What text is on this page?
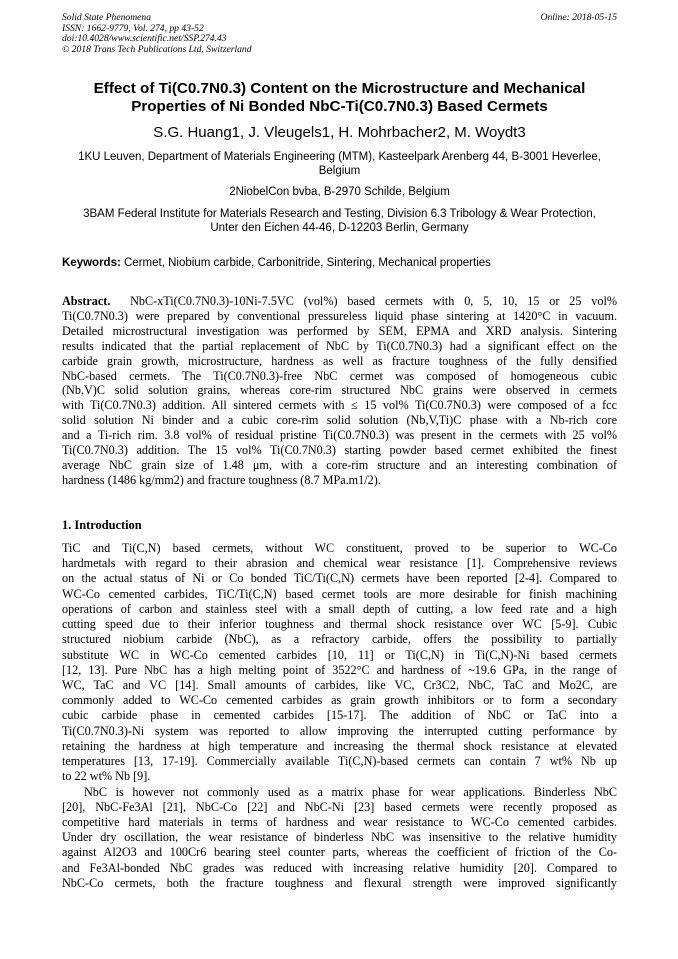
Solid State Phenomena
ISSN: 1662-9779, Vol. 274, pp 43-52
doi:10.4028/www.scientific.net/SSP.274.43
© 2018 Trans Tech Publications Ltd, Switzerland
Online: 2018-05-15
Effect of Ti(C0.7N0.3) Content on the Microstructure and Mechanical
Properties of Ni Bonded NbC-Ti(C0.7N0.3) Based Cermets
S.G. Huang1, J. Vleugels1, H. Mohrbacher2, M. Woydt3
1KU Leuven, Department of Materials Engineering (MTM), Kasteelpark Arenberg 44, B-3001 Heverlee, Belgium
2NiobelCon bvba, B-2970 Schilde, Belgium
3BAM Federal Institute for Materials Research and Testing, Division 6.3 Tribology & Wear Protection, Unter den Eichen 44-46, D-12203 Berlin, Germany
Keywords: Cermet, Niobium carbide, Carbonitride, Sintering, Mechanical properties
Abstract. NbC-xTi(C0.7N0.3)-10Ni-7.5VC (vol%) based cermets with 0, 5, 10, 15 or 25 vol%
Ti(C0.7N0.3) were prepared by conventional pressureless liquid phase sintering at 1420°C in vacuum.
Detailed microstructural investigation was performed by SEM, EPMA and XRD analysis. Sintering
results indicated that the partial replacement of NbC by Ti(C0.7N0.3) had a significant effect on the
carbide grain growth, microstructure, hardness as well as fracture toughness of the fully densified
NbC-based cermets. The Ti(C0.7N0.3)-free NbC cermet was composed of homogeneous cubic
(Nb,V)C solid solution grains, whereas core-rim structured NbC grains were observed in cermets
with Ti(C0.7N0.3) addition. All sintered cermets with ≤ 15 vol% Ti(C0.7N0.3) were composed of a fcc
solid solution Ni binder and a cubic core-rim solid solution (Nb,V,Ti)C phase with a Nb-rich core
and a Ti-rich rim. 3.8 vol% of residual pristine Ti(C0.7N0.3) was present in the cermets with 25 vol%
Ti(C0.7N0.3) addition. The 15 vol% Ti(C0.7N0.3) starting powder based cermet exhibited the finest
average NbC grain size of 1.48 μm, with a core-rim structure and an interesting combination of
hardness (1486 kg/mm2) and fracture toughness (8.7 MPa.m1/2).
1. Introduction
TiC and Ti(C,N) based cermets, without WC constituent, proved to be superior to WC-Co
hardmetals with regard to their abrasion and chemical wear resistance [1]. Comprehensive reviews
on the actual status of Ni or Co bonded TiC/Ti(C,N) cermets have been reported [2-4]. Compared to
WC-Co cemented carbides, TiC/Ti(C,N) based cermet tools are more desirable for finish machining
operations of carbon and stainless steel with a small depth of cutting, a low feed rate and a high
cutting speed due to their inferior toughness and thermal shock resistance over WC [5-9]. Cubic
structured niobium carbide (NbC), as a refractory carbide, offers the possibility to partially
substitute WC in WC-Co cemented carbides [10, 11] or Ti(C,N) in Ti(C,N)-Ni based cermets
[12, 13]. Pure NbC has a high melting point of 3522°C and hardness of ~19.6 GPa, in the range of
WC, TaC and VC [14]. Small amounts of carbides, like VC, Cr3C2, NbC, TaC and Mo2C, are
commonly added to WC-Co cemented carbides as grain growth inhibitors or to form a secondary
cubic carbide phase in cemented carbides [15-17]. The addition of NbC or TaC into a
Ti(C0.7N0.3)-Ni system was reported to allow improving the interrupted cutting performance by
retaining the hardness at high temperature and increasing the thermal shock resistance at elevated
temperatures [13, 17-19]. Commercially available Ti(C,N)-based cermets can contain 7 wt% Nb up
to 22 wt% Nb [9].
NbC is however not commonly used as a matrix phase for wear applications. Binderless NbC
[20], NbC-Fe3Al [21], NbC-Co [22] and NbC-Ni [23] based cermets were recently proposed as
competitive hard materials in terms of hardness and wear resistance to WC-Co cemented carbides.
Under dry oscillation, the wear resistance of binderless NbC was insensitive to the relative humidity
against Al2O3 and 100Cr6 bearing steel counter parts, whereas the coefficient of friction of the Co-
and Fe3Al-bonded NbC grades was reduced with increasing relative humidity [20]. Compared to
NbC-Co cermets, both the fracture toughness and flexural strength were improved significantly
